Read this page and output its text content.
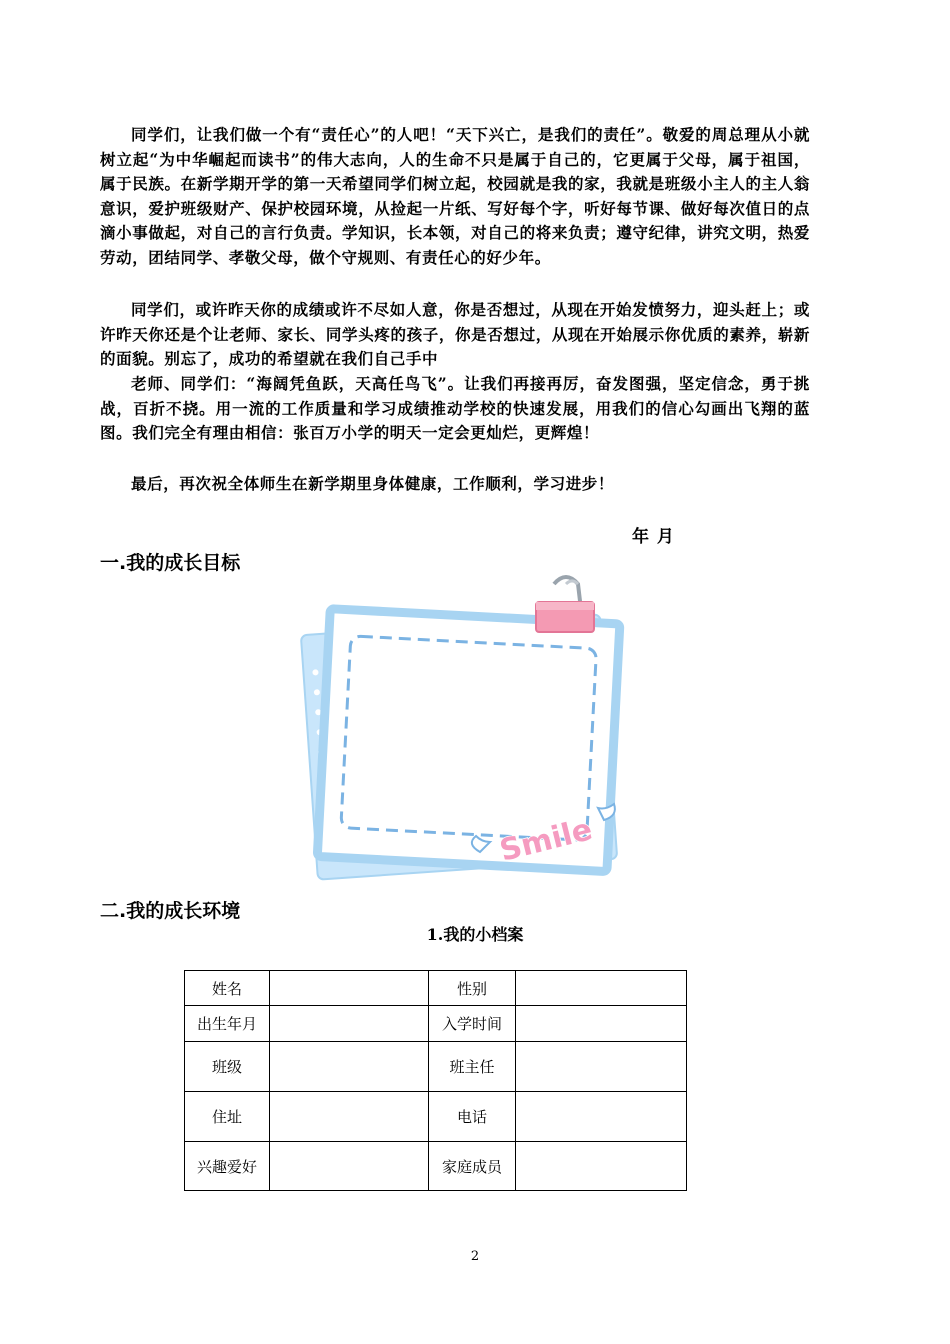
同学们，让我们做一个有“责任心”的人吧！“天下兴亡，是我们的责任”。敬爱的周总理从小就树立起“为中华崛起而读书”的伟大志向，人的生命不只是属于自己的，它更属于父母，属于祖国，属于民族。在新学期开学的第一天希望同学们树立起，校园就是我的家，我就是班级小主人的主人翁意识，爱护班级财产、保护校园环境，从捡起一片纸、写好每个字，听好每节课、做好每次值日的点滴小事做起，对自己的言行负责。学知识，长本领，对自己的将来负责；遵守纪律，讲究文明，热爱劳动，团结同学、孝敬父母，做个守规则、有责任心的好少年。
同学们，或许昨天你的成绩或许不尽如人意，你是否想过，从现在开始发愤努力，迎头赶上；或许昨天你还是个让老师、家长、同学头疼的孩子，你是否想过，从现在开始展示你优质的素养，崭新的面貌。别忘了，成功的希望就在我们自己手中
老师、同学们：“海阔凭鱼跃，天高任鸟飞”。让我们再接再厉，奋发图强，坚定信念，勇于挑战，百折不挠。用一流的工作质量和学习成绩推动学校的快速发展，用我们的信心勾画出飞翔的蓝图。我们完全有理由相信：张百万小学的明天一定会更灿烂，更辉煌！
最后，再次祝全体师生在新学期里身体健康，工作顺利，学习进步！
年 月
一.我的成长目标
Smile
二.我的成长环境
1.我的小档案
姓名		性别	
出生年月		入学时间	
班级		班主任	
住址		电话	
兴趣爱好		家庭成员	
2
